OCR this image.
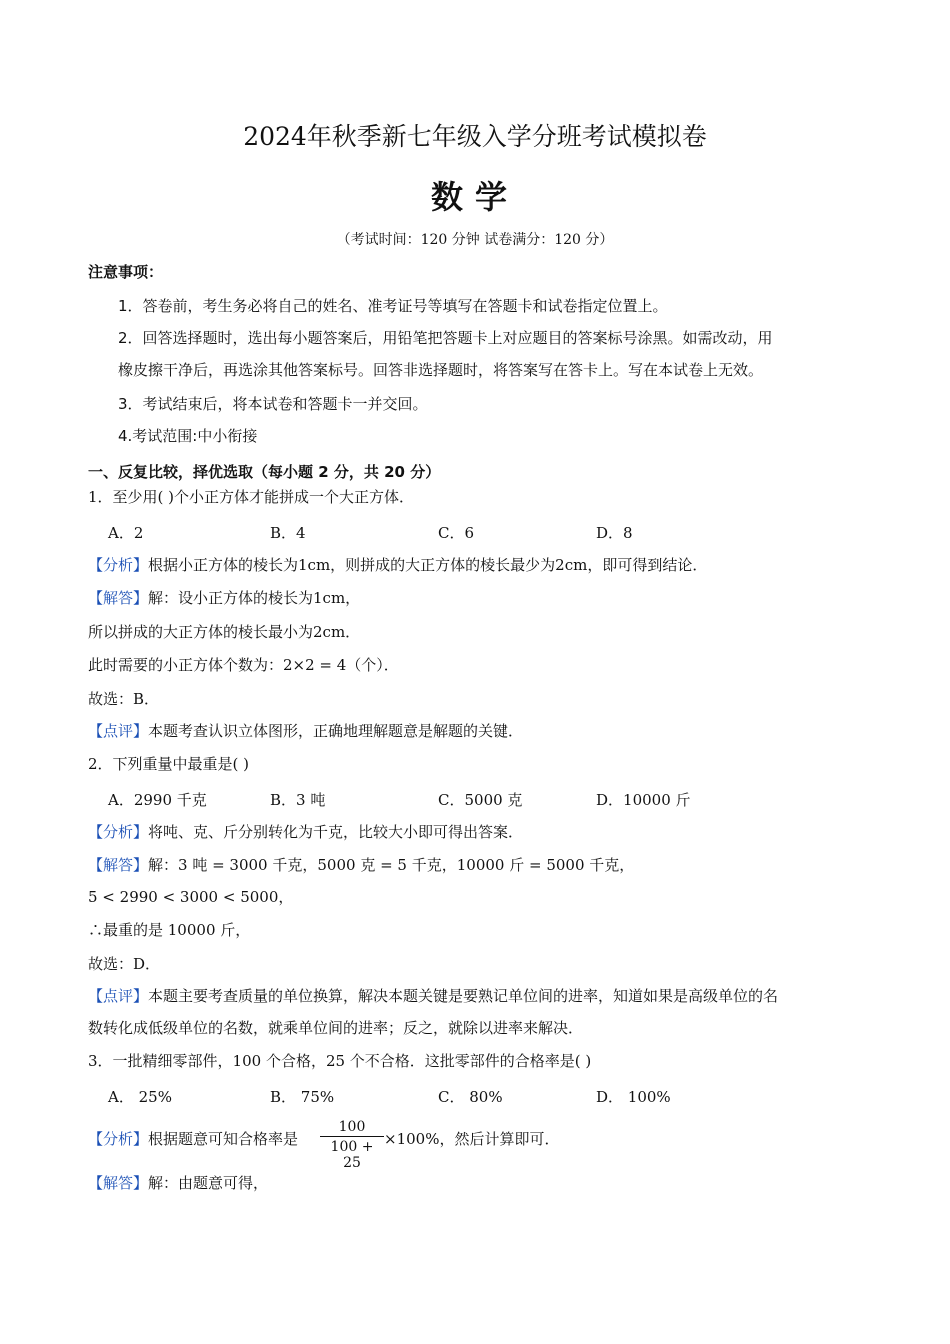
2024年秋季新七年级入学分班考试模拟卷
数学
（考试时间：120 分钟 试卷满分：120 分）
注意事项：
1．答卷前，考生务必将自己的姓名、准考证号等填写在答题卡和试卷指定位置上。
2．回答选择题时，选出每小题答案后，用铅笔把答题卡上对应题目的答案标号涂黑。如需改动，用
橡皮擦干净后，再选涂其他答案标号。回答非选择题时，将答案写在答卡上。写在本试卷上无效。
3．考试结束后，将本试卷和答题卡一并交回。
4.考试范围:中小衔接
一、反复比较，择优选取（每小题 2 分，共 20 分）
1．至少用( )个小正方体才能拼成一个大正方体．
A．2	B．4	C．6	D．8
【分析】根据小正方体的棱长为1cm，则拼成的大正方体的棱长最少为2cm，即可得到结论．
【解答】解：设小正方体的棱长为1cm，
所以拼成的大正方体的棱长最小为2cm．
此时需要的小正方体个数为：2×2 = 4（个）．
故选：B．
【点评】本题考查认识立体图形，正确地理解题意是解题的关键．
2．下列重量中最重是( )
A．2990 千克	B．3 吨	C．5000 克	D．10000 斤
【分析】将吨、克、斤分别转化为千克，比较大小即可得出答案．
【解答】解：3 吨 = 3000 千克，5000 克 = 5 千克，10000 斤 = 5000 千克，
5 < 2990 < 3000 < 5000，
∴最重的是 10000 斤，
故选：D．
【点评】本题主要考查质量的单位换算，解决本题关键是要熟记单位间的进率，知道如果是高级单位的名
数转化成低级单位的名数，就乘单位间的进率；反之，就除以进率来解决．
3．一批精细零部件，100 个合格，25 个不合格．这批零部件的合格率是( )
A． 25%	B． 75%	C． 80%	D． 100%
【分析】根据题意可知合格率是 $\frac{100}{100 + 25} \times 100\%$，然后计算即可．
【解答】解：由题意可得，
